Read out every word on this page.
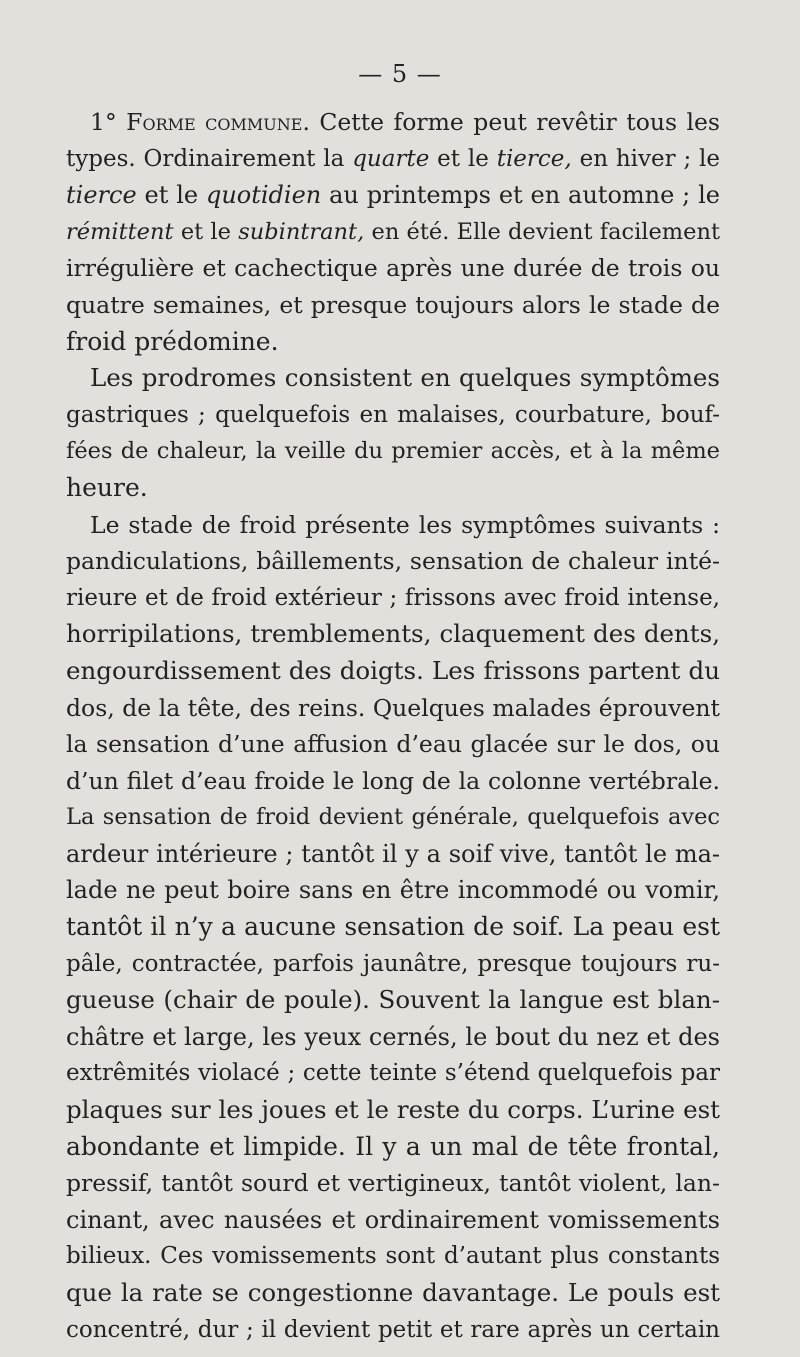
— 5 —
1° Forme commune. Cette forme peut revêtir tous les
types. Ordinairement la quarte et le tierce, en hiver ; le
tierce et le quotidien au printemps et en automne ; le
rémittent et le subintrant, en été. Elle devient facilement
irrégulière et cachectique après une durée de trois ou
quatre semaines, et presque toujours alors le stade de
froid prédomine.
Les prodromes consistent en quelques symptômes
gastriques ; quelquefois en malaises, courbature, bouf-
fées de chaleur, la veille du premier accès, et à la même
heure.
Le stade de froid présente les symptômes suivants :
pandiculations, bâillements, sensation de chaleur inté-
rieure et de froid extérieur ; frissons avec froid intense,
horripilations, tremblements, claquement des dents,
engourdissement des doigts. Les frissons partent du
dos, de la tête, des reins. Quelques malades éprouvent
la sensation d’une affusion d’eau glacée sur le dos, ou
d’un filet d’eau froide le long de la colonne vertébrale.
La sensation de froid devient générale, quelquefois avec
ardeur intérieure ; tantôt il y a soif vive, tantôt le ma-
lade ne peut boire sans en être incommodé ou vomir,
tantôt il n’y a aucune sensation de soif. La peau est
pâle, contractée, parfois jaunâtre, presque toujours ru-
gueuse (chair de poule). Souvent la langue est blan-
châtre et large, les yeux cernés, le bout du nez et des
extrêmités violacé ; cette teinte s’étend quelquefois par
plaques sur les joues et le reste du corps. L’urine est
abondante et limpide. Il y a un mal de tête frontal,
pressif, tantôt sourd et vertigineux, tantôt violent, lan-
cinant, avec nausées et ordinairement vomissements
bilieux. Ces vomissements sont d’autant plus constants
que la rate se congestionne davantage. Le pouls est
concentré, dur ; il devient petit et rare après un certain
